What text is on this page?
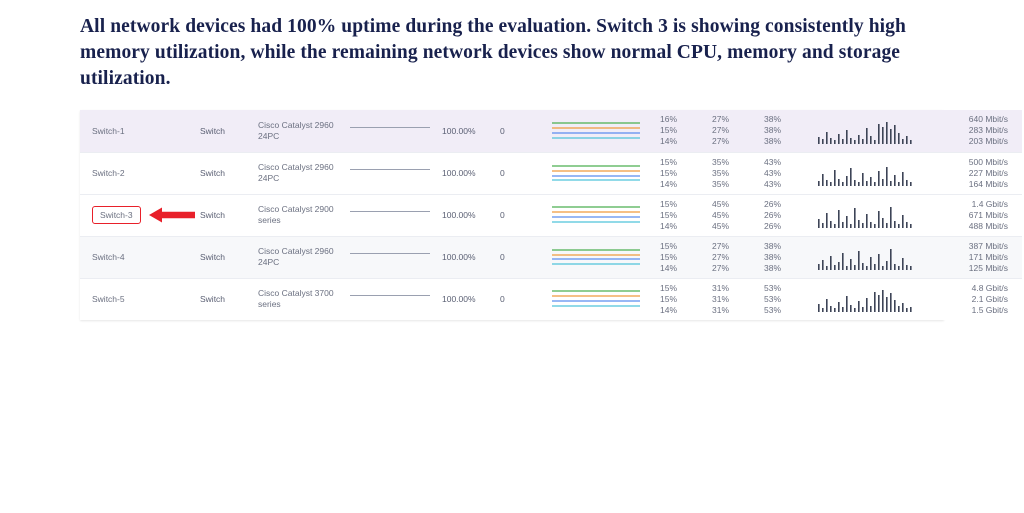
All network devices had 100% uptime during the evaluation. Switch 3 is showing consistently high memory utilization, while the remaining network devices show normal CPU, memory and storage utilization.
Switch-1	Switch	Cisco Catalyst 2960
24PC		100.00%	0		16%
15%
14%	27%
27%
27%	38%
38%
38%		640 Mbit/s
283 Mbit/s
203 Mbit/s

Switch-2	Switch	Cisco Catalyst 2960
24PC		100.00%	0		15%
15%
14%	35%
35%
35%	43%
43%
43%		500 Mbit/s
227 Mbit/s
164 Mbit/s

Switch-3	Switch	Cisco Catalyst 2900
series		100.00%	0		15%
15%
14%	45%
45%
45%	26%
26%
26%		1.4 Gbit/s
671 Mbit/s
488 Mbit/s

Switch-4	Switch	Cisco Catalyst 2960
24PC		100.00%	0		15%
15%
14%	27%
27%
27%	38%
38%
38%		387 Mbit/s
171 Mbit/s
125 Mbit/s

Switch-5	Switch	Cisco Catalyst 3700
series		100.00%	0		15%
15%
14%	31%
31%
31%	53%
53%
53%		4.8 Gbit/s
2.1 Gbit/s
1.5 Gbit/s
